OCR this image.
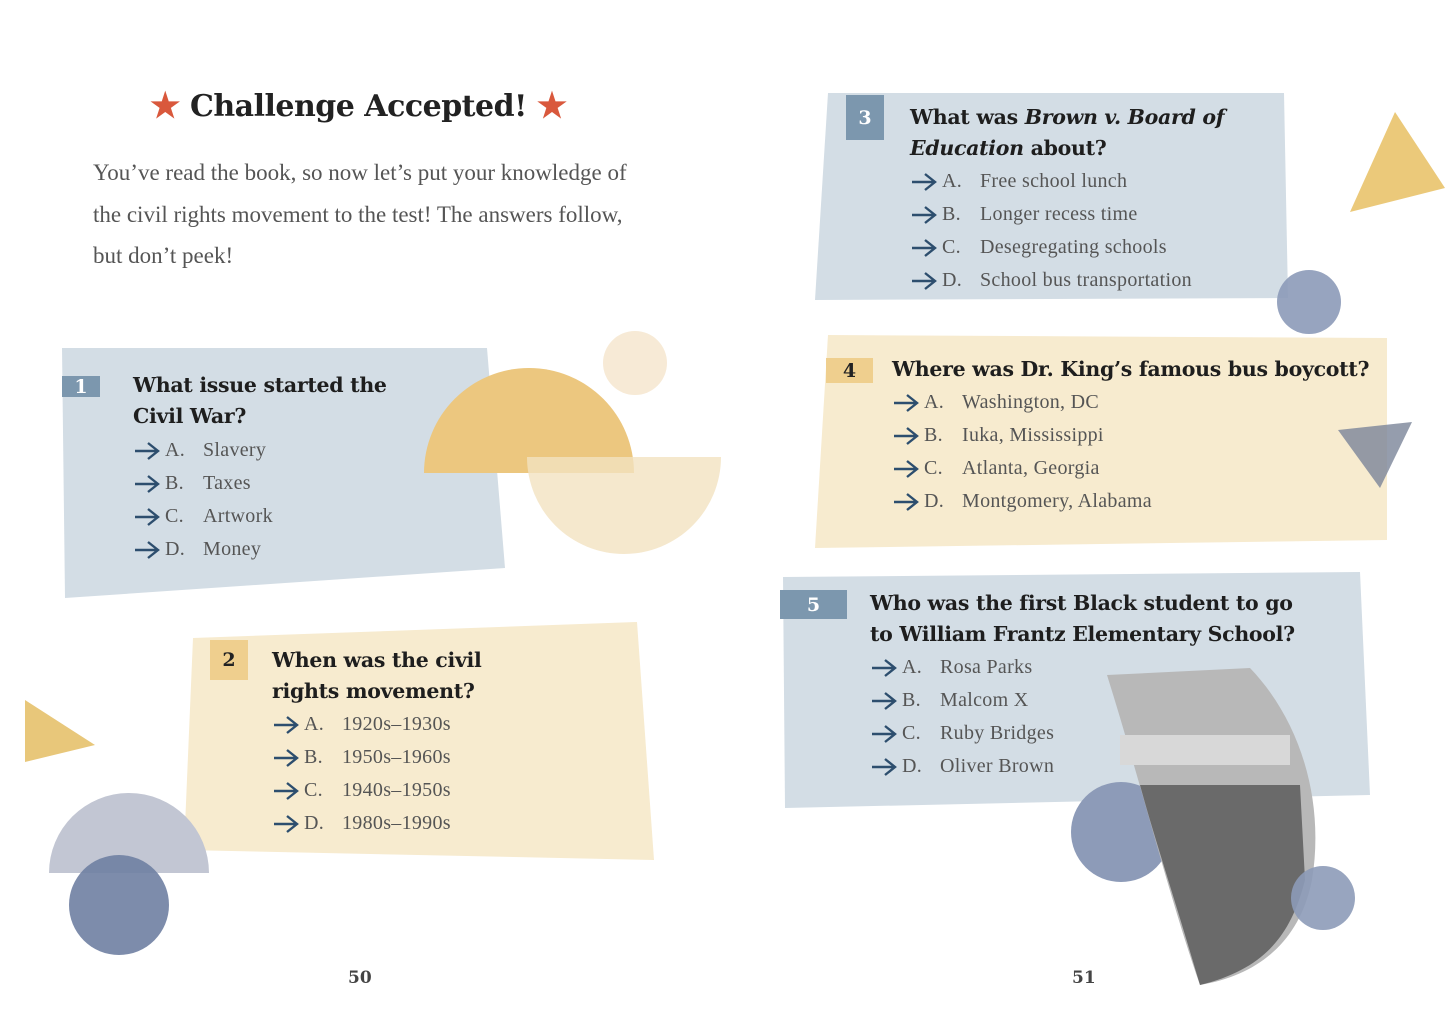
★ Challenge Accepted! ★

You’ve read the book, so now let’s put your knowledge of the civil rights movement to the test! The answers follow, but don’t peek!

1	What issue started the Civil War?
A. Slavery
B. Taxes
C. Artwork
D. Money
2	When was the civil rights movement?
A. 1920s–1930s
B. 1950s–1960s
C. 1940s–1950s
D. 1980s–1990s
3	What was Brown v. Board of Education about?
A. Free school lunch
B. Longer recess time
C. Desegregating schools
D. School bus transportation
4	Where was Dr. King’s famous bus boycott?
A. Washington, DC
B. Iuka, Mississippi
C. Atlanta, Georgia
D. Montgomery, Alabama
5	Who was the first Black student to go to William Frantz Elementary School?
A. Rosa Parks
B. Malcom X
C. Ruby Bridges
D. Oliver Brown
50	51
